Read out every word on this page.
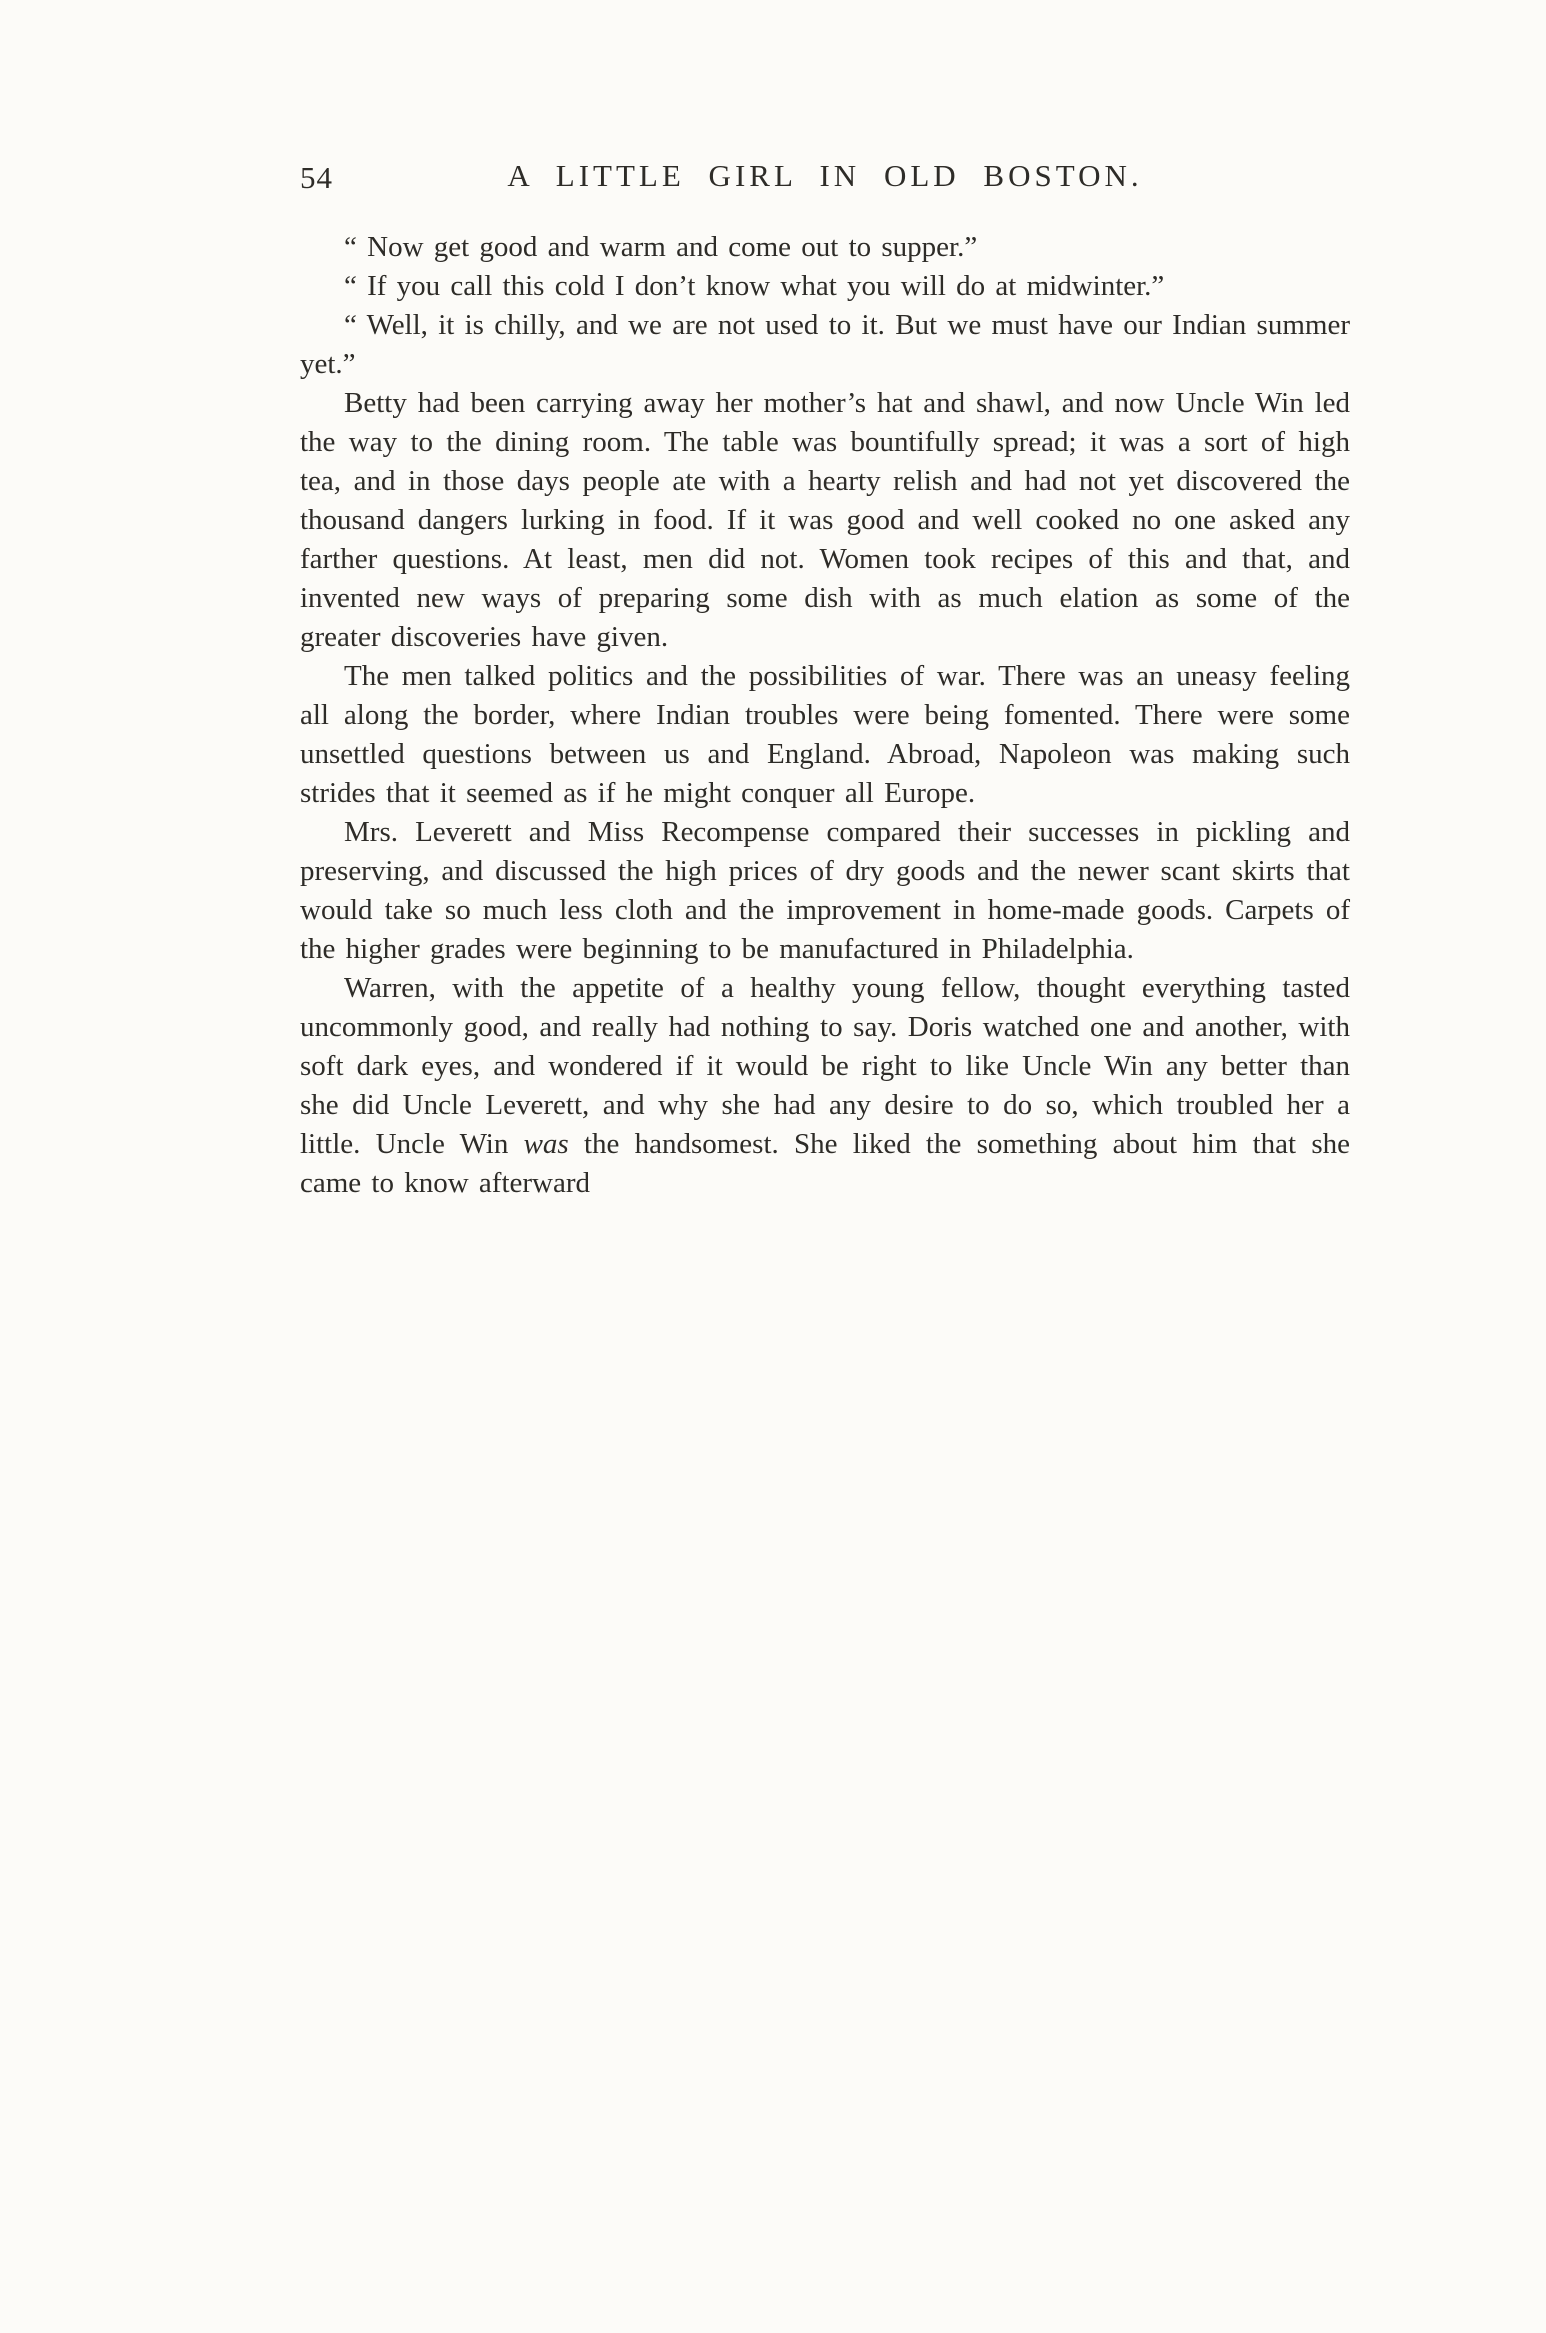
54	A LITTLE GIRL IN OLD BOSTON.

“ Now get good and warm and come out to supper.”

“ If you call this cold I don’t know what you will do at midwinter.”

“ Well, it is chilly, and we are not used to it. But we must have our Indian summer yet.”

Betty had been carrying away her mother’s hat and shawl, and now Uncle Win led the way to the dining room. The table was bountifully spread; it was a sort of high tea, and in those days people ate with a hearty relish and had not yet discovered the thousand dangers lurking in food. If it was good and well cooked no one asked any farther questions. At least, men did not. Women took recipes of this and that, and invented new ways of preparing some dish with as much elation as some of the greater discoveries have given.

The men talked politics and the possibilities of war. There was an uneasy feeling all along the border, where Indian troubles were being fomented. There were some unsettled questions between us and England. Abroad, Napoleon was making such strides that it seemed as if he might conquer all Europe.

Mrs. Leverett and Miss Recompense compared their successes in pickling and preserving, and discussed the high prices of dry goods and the newer scant skirts that would take so much less cloth and the improvement in home-made goods. Carpets of the higher grades were beginning to be manufactured in Philadelphia.

Warren, with the appetite of a healthy young fellow, thought everything tasted uncommonly good, and really had nothing to say. Doris watched one and another, with soft dark eyes, and wondered if it would be right to like Uncle Win any better than she did Uncle Leverett, and why she had any desire to do so, which troubled her a little. Uncle Win was the handsomest. She liked the something about him that she came to know afterward
